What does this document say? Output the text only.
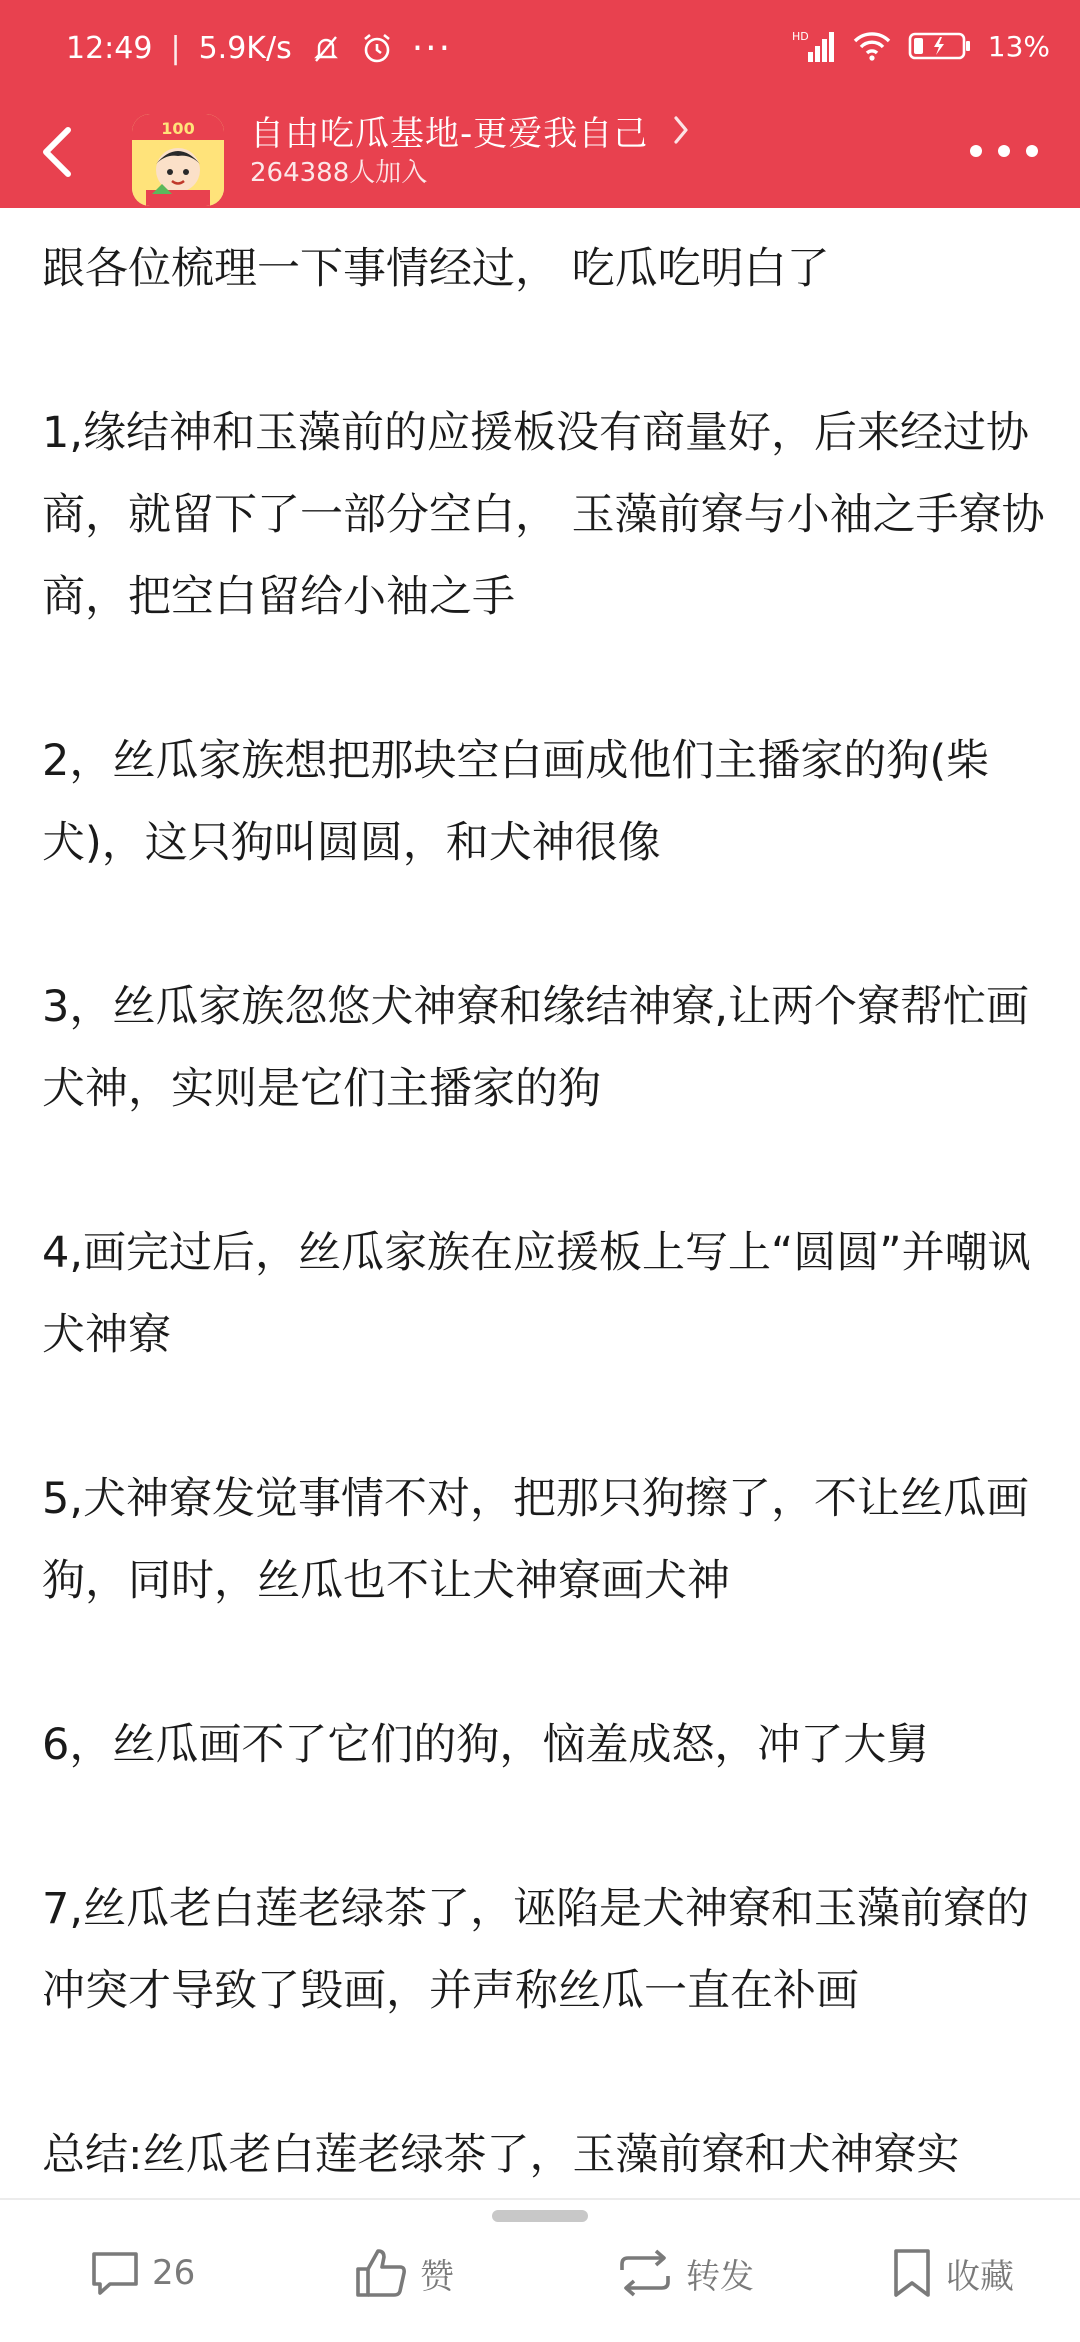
12:49 | 5.9K/s	···	HD	13%
100 自由吃瓜基地-更爱我自己
264388人加入

跟各位梳理一下事情经过， 吃瓜吃明白了

1,缘结神和玉藻前的应援板没有商量好，后来经过协商，就留下了一部分空白， 玉藻前寮与小袖之手寮协商，把空白留给小袖之手

2，丝瓜家族想把那块空白画成他们主播家的狗(柴犬)，这只狗叫圆圆，和犬神很像

3，丝瓜家族忽悠犬神寮和缘结神寮,让两个寮帮忙画犬神，实则是它们主播家的狗

4,画完过后，丝瓜家族在应援板上写上“圆圆”并嘲讽犬神寮

5,犬神寮发觉事情不对，把那只狗擦了，不让丝瓜画狗，同时，丝瓜也不让犬神寮画犬神

6，丝瓜画不了它们的狗，恼羞成怒，冲了大舅

7,丝瓜老白莲老绿茶了，诬陷是犬神寮和玉藻前寮的冲突才导致了毁画，并声称丝瓜一直在补画

总结:丝瓜老白莲老绿茶了，玉藻前寮和犬神寮实

26	赞	转发	收藏
